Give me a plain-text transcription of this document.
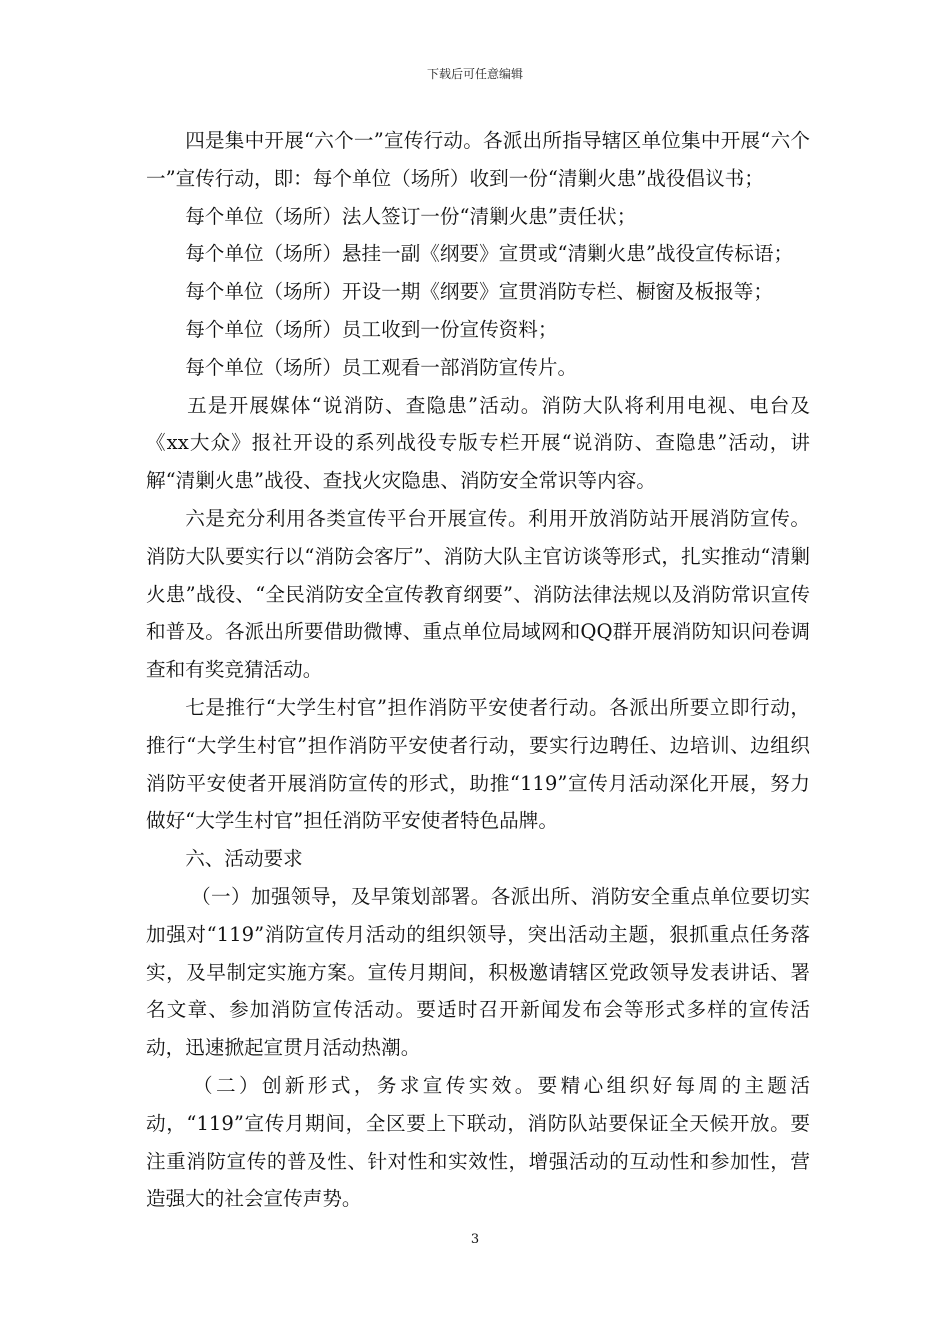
下载后可任意编辑

四是集中开展“六个一”宣传行动。各派出所指导辖区单位集中开展“六个一”宣传行动，即：每个单位（场所）收到一份“清剿火患”战役倡议书；

每个单位（场所）法人签订一份“清剿火患”责任状；

每个单位（场所）悬挂一副《纲要》宣贯或“清剿火患”战役宣传标语；

每个单位（场所）开设一期《纲要》宣贯消防专栏、橱窗及板报等；

每个单位（场所）员工收到一份宣传资料；

每个单位（场所）员工观看一部消防宣传片。

五是开展媒体“说消防、查隐患”活动。消防大队将利用电视、电台及《xx大众》报社开设的系列战役专版专栏开展“说消防、查隐患”活动，讲解“清剿火患”战役、查找火灾隐患、消防安全常识等内容。

六是充分利用各类宣传平台开展宣传。利用开放消防站开展消防宣传。消防大队要实行以“消防会客厅”、消防大队主官访谈等形式，扎实推动“清剿火患”战役、“全民消防安全宣传教育纲要”、消防法律法规以及消防常识宣传和普及。各派出所要借助微博、重点单位局域网和QQ群开展消防知识问卷调查和有奖竞猜活动。

七是推行“大学生村官”担作消防平安使者行动。各派出所要立即行动，推行“大学生村官”担作消防平安使者行动，要实行边聘任、边培训、边组织消防平安使者开展消防宣传的形式，助推“119”宣传月活动深化开展，努力做好“大学生村官”担任消防平安使者特色品牌。

六、活动要求

（一）加强领导，及早策划部署。各派出所、消防安全重点单位要切实加强对“119”消防宣传月活动的组织领导，突出活动主题，狠抓重点任务落实，及早制定实施方案。宣传月期间，积极邀请辖区党政领导发表讲话、署名文章、参加消防宣传活动。要适时召开新闻发布会等形式多样的宣传活动，迅速掀起宣贯月活动热潮。

（二）创新形式，务求宣传实效。要精心组织好每周的主题活动，“119”宣传月期间，全区要上下联动，消防队站要保证全天候开放。要注重消防宣传的普及性、针对性和实效性，增强活动的互动性和参加性，营造强大的社会宣传声势。

3
